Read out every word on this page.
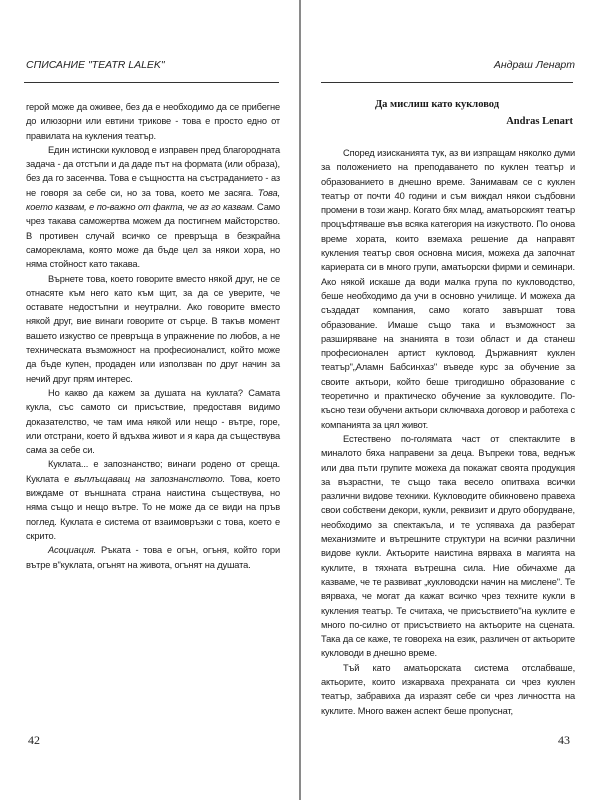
СПИСАНИЕ "TEATR LALEK"

герой може да оживее, без да е необходимо да се прибегне до илюзорни или евтини трикове - това е просто едно от правилата на кукления театър.

Един истински кукловод е изправен пред благородната задача - да отстъпи и да даде път на формата (или образа), без да го засенчва. Това е същността на състраданието - аз не говоря за себе си, но за това, което ме засяга. Това, което казвам, е по-важно от факта, че аз го казвам. Само чрез такава саможертва можем да постигнем майсторство. В противен случай всичко се превръща в безкрайна самореклама, която може да бъде цел за някои хора, но няма стойност като такава.

Върнете това, което говорите вместо някой друг, не се отнасяте към него като към щит, за да се уверите, че оставате недостъпни и неутрални. Ако говорите вместо някой друг, вие винаги говорите от сърце. В такъв момент вашето изкуство се превръща в упражнение по любов, а не техническата възможност на професионалист, който може да бъде купен, продаден или използван по друг начин за нечий друг прям интерес.

Но какво да кажем за душата на куклата? Самата кукла, със самото си присъствие, предоставя видимо доказателство, че там има някой или нещо - вътре, горе, или отстрани, което й вдъхва живот и я кара да съществува сама за себе си.

Куклата... е запознанство; винаги родено от среща. Куклата е въплъщаващ на запознанството. Това, което виждаме от външната страна наистина съществува, но няма също и нещо вътре. То не може да се види на пръв поглед. Куклата е система от взаимовръзки с това, което е скрито.

Асоциация. Ръката - това е огън, огъня, който гори вътре в"куклата, огънят на живота, огънят на душата.

42
Андраш Ленарт
Да мислиш като кукловод
Andras Lenart

Според изисканията тук, аз ви изпращам няколко думи за положението на преподаването по куклен театър и образованието в днешно време. Занимавам се с куклен театър от почти 40 години и съм виждал някои съдбовни промени в този жанр. Когато бях млад, аматьорският театър процъфтяваше във всяка категория на изкуството. По онова време хората, които вземаха решение да направят кукления театър своя основна мисия, можеха да започнат кариерата си в много групи, аматьорски фирми и семинари. Ако някой искаше да води малка група по кукловодство, беше необходимо да учи в основно училище. И можеха да създадат компания, само когато завършат това образование. Имаше също така и възможност за разширяване на знанията в този област и да станеш професионален артист кукловод. Държавният куклен театър"„Аламн Бабсинхаз" въведе курс за обучение за своите актьори, който беше тригодишно образование с теоретично и практическо обучение за кукловодите. По-късно тези обучени актьори сключваха договор и работеха с компанията за цял живот.

Естествено по-голямата част от спектаклите в миналото бяха направени за деца. Въпреки това, веднъж или два пъти групите можеха да покажат своята продукция за възрастни, те също така весело опитваха всички различни видове техники. Кукловодите обикновено правеха свои собствени декори, кукли, реквизит и друго оборудване, необходимо за спектакъла, и те успяваха да разберат механизмите и вътрешните структури на всички различни видове кукли. Актьорите наистина вярваха в магията на куклите, в тяхната вътрешна сила. Ние обичахме да казваме, че те развиват „кукловодски начин на мислене". Те вярваха, че могат да кажат всичко чрез техните кукли в кукления театър. Те считаха, че присъствието"на куклите е много по-силно от присъствието на актьорите на сцената. Така да се каже, те говореха на език, различен от актьорите кукловоди в днешно време.

Тъй като аматьорската система отслабваше, актьорите, които изкарваха прехраната си чрез куклен театър, забравиха да изразят себе си чрез личността на куклите. Много важен аспект беше пропуснат,

43
